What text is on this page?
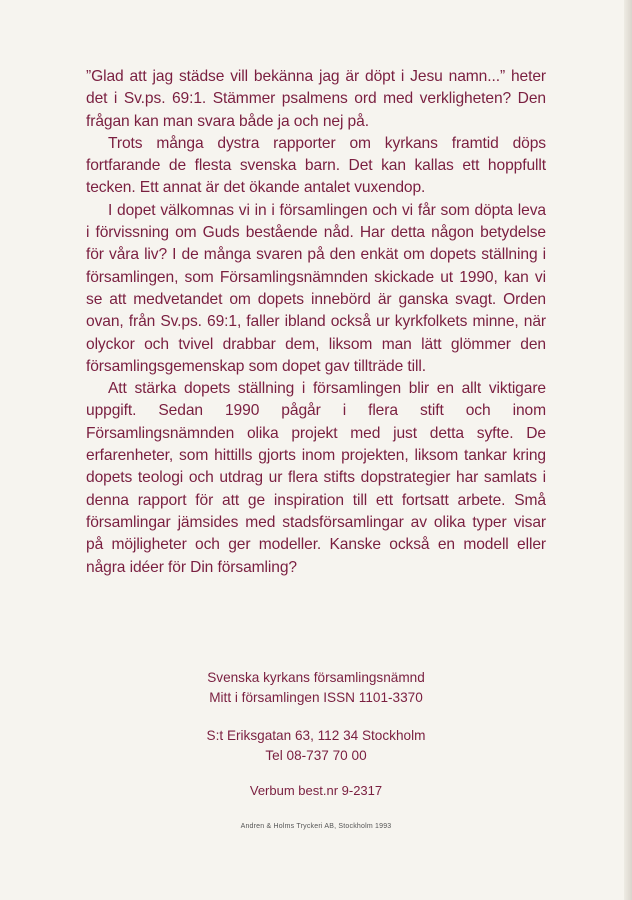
”Glad att jag städse vill bekänna jag är döpt i Jesu namn...” heter det i Sv.ps. 69:1. Stämmer psalmens ord med verkligheten? Den frågan kan man svara både ja och nej på.

Trots många dystra rapporter om kyrkans framtid döps fortfarande de flesta svenska barn. Det kan kallas ett hoppfullt tecken. Ett annat är det ökande antalet vuxendop.

I dopet välkomnas vi in i församlingen och vi får som döpta leva i förvissning om Guds bestående nåd. Har detta någon betydelse för våra liv? I de många svaren på den enkät om dopets ställning i församlingen, som Församlingsnämnden skickade ut 1990, kan vi se att medvetandet om dopets innebörd är ganska svagt. Orden ovan, från Sv.ps. 69:1, faller ibland också ur kyrkfolkets minne, när olyckor och tvivel drabbar dem, liksom man lätt glömmer den församlingsgemenskap som dopet gav tillträde till.

Att stärka dopets ställning i församlingen blir en allt viktigare uppgift. Sedan 1990 pågår i flera stift och inom Församlingsnämnden olika projekt med just detta syfte. De erfarenheter, som hittills gjorts inom projekten, liksom tankar kring dopets teologi och utdrag ur flera stifts dopstrategier har samlats i denna rapport för att ge inspiration till ett fortsatt arbete. Små församlingar jämsides med stadsförsamlingar av olika typer visar på möjligheter och ger modeller. Kanske också en modell eller några idéer för Din församling?

Svenska kyrkans församlingsnämnd
Mitt i församlingen ISSN 1101-3370
S:t Eriksgatan 63, 112 34 Stockholm
Tel 08-737 70 00
Verbum best.nr 9-2317
Andren & Holms Tryckeri AB, Stockholm 1993
